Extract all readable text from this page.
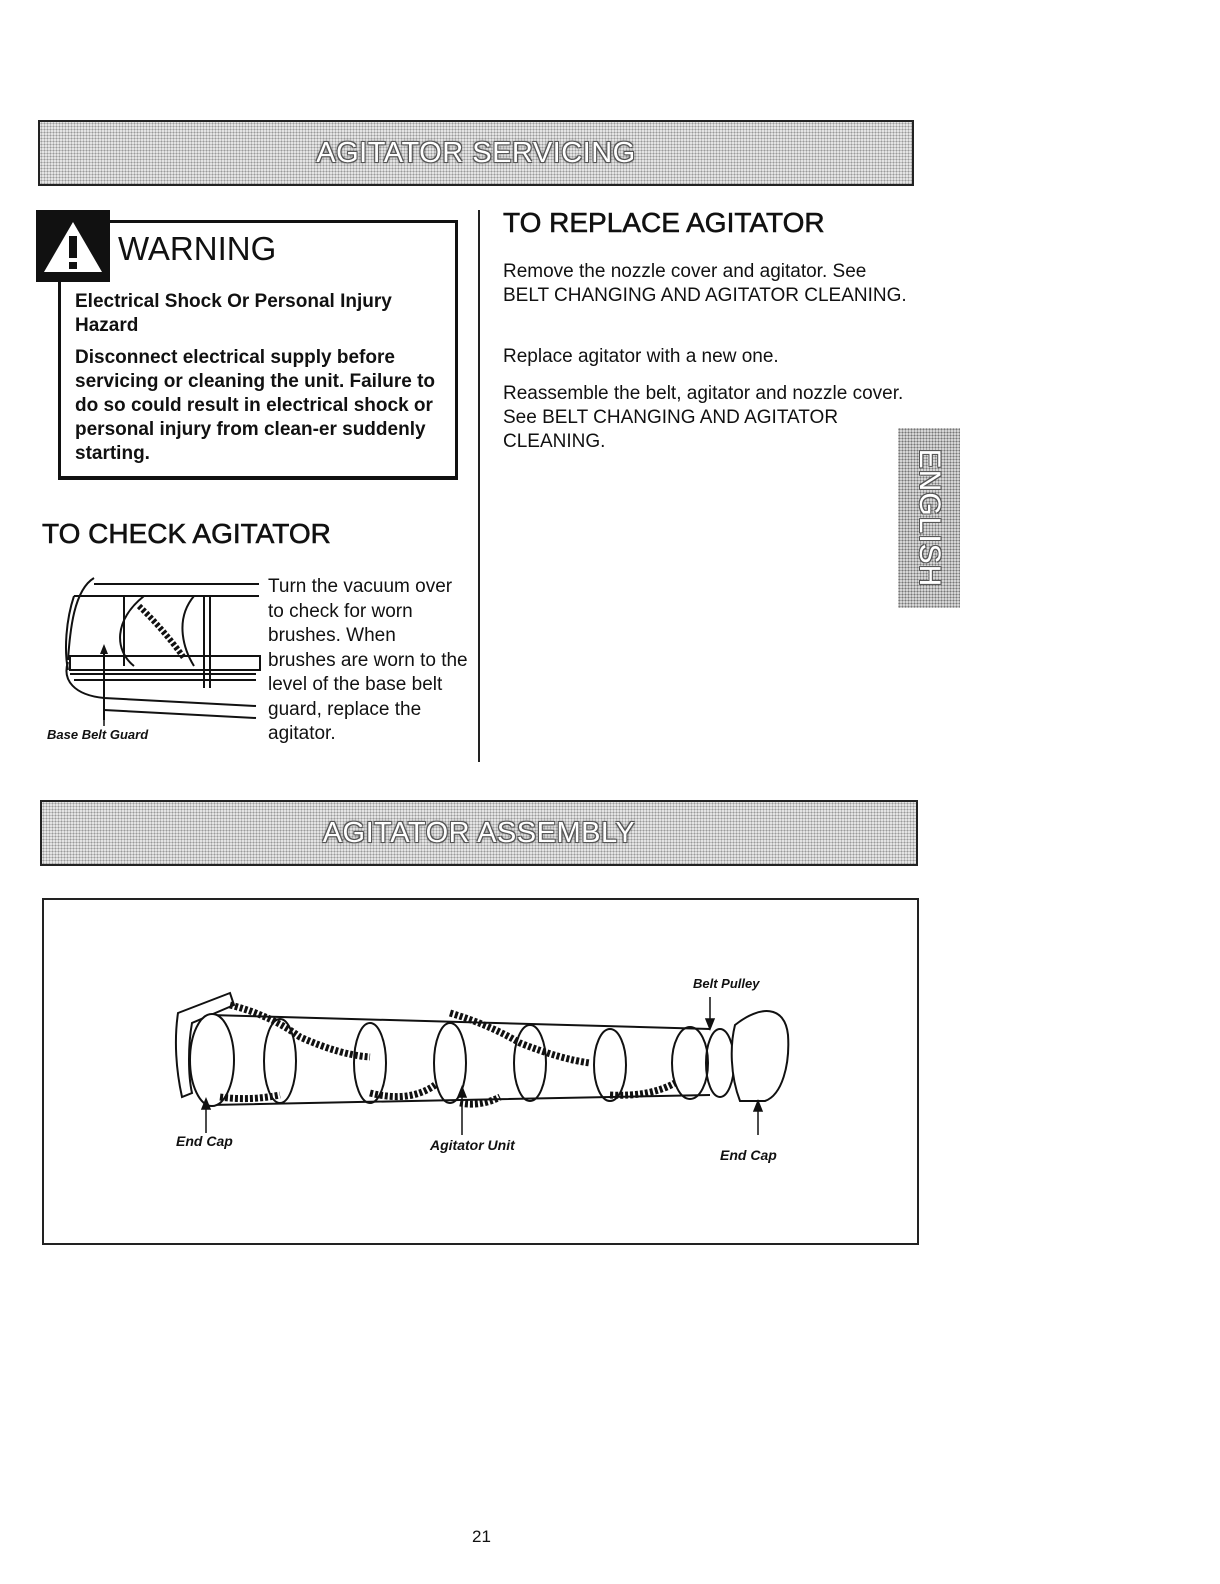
AGITATOR SERVICING
WARNING
Electrical Shock Or Personal Injury Hazard
Disconnect electrical supply before servicing or cleaning the unit. Failure to do so could result in electrical shock or personal injury from clean-er suddenly starting.
TO CHECK AGITATOR
Turn the vacuum over to check for worn brushes. When brushes are worn to the level of the base belt guard, replace the agitator.
Base Belt Guard
TO REPLACE AGITATOR
Remove the nozzle cover and agitator. See BELT CHANGING AND AGITATOR CLEANING.
Replace agitator with a new one.
Reassemble the belt, agitator and nozzle cover. See BELT CHANGING AND AGITATOR CLEANING.
ENGLISH
AGITATOR ASSEMBLY
Belt Pulley
End Cap	Agitator Unit
End Cap
21
